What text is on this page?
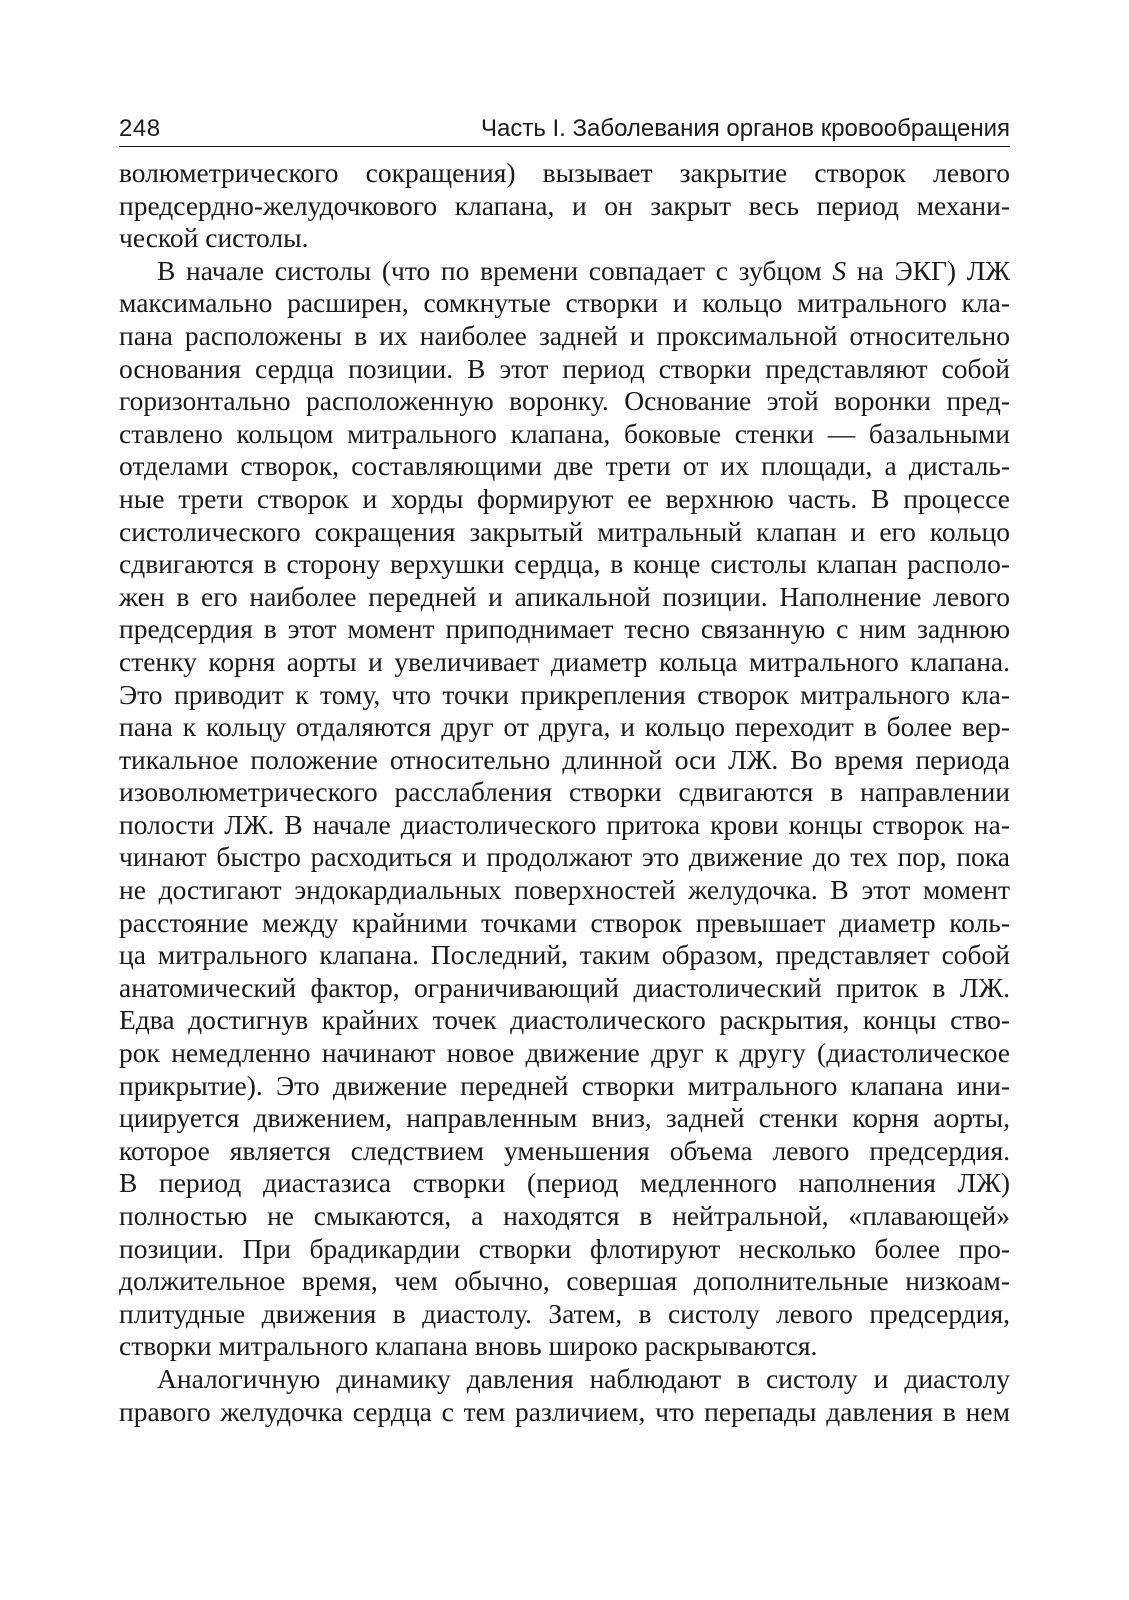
248	Часть I. Заболевания органов кровообращения

волюметрического сокращения) вызывает закрытие створок левого
предсердно-желудочкового клапана, и он закрыт весь период механи-
ческой систолы.

В начале систолы (что по времени совпадает с зубцом S на ЭКГ) ЛЖ
максимально расширен, сомкнутые створки и кольцо митрального кла-
пана расположены в их наиболее задней и проксимальной относительно
основания сердца позиции. В этот период створки представляют собой
горизонтально расположенную воронку. Основание этой воронки пред-
ставлено кольцом митрального клапана, боковые стенки — базальными
отделами створок, составляющими две трети от их площади, а дисталь-
ные трети створок и хорды формируют ее верхнюю часть. В процессе
систолического сокращения закрытый митральный клапан и его кольцо
сдвигаются в сторону верхушки сердца, в конце систолы клапан располо-
жен в его наиболее передней и апикальной позиции. Наполнение левого
предсердия в этот момент приподнимает тесно связанную с ним заднюю
стенку корня аорты и увеличивает диаметр кольца митрального клапана.
Это приводит к тому, что точки прикрепления створок митрального кла-
пана к кольцу отдаляются друг от друга, и кольцо переходит в более вер-
тикальное положение относительно длинной оси ЛЖ. Во время периода
изоволюметрического расслабления створки сдвигаются в направлении
полости ЛЖ. В начале диастолического притока крови концы створок на-
чинают быстро расходиться и продолжают это движение до тех пор, пока
не достигают эндокардиальных поверхностей желудочка. В этот момент
расстояние между крайними точками створок превышает диаметр коль-
ца митрального клапана. Последний, таким образом, представляет собой
анатомический фактор, ограничивающий диастолический приток в ЛЖ.
Едва достигнув крайних точек диастолического раскрытия, концы ство-
рок немедленно начинают новое движение друг к другу (диастолическое
прикрытие). Это движение передней створки митрального клапана ини-
циируется движением, направленным вниз, задней стенки корня аорты,
которое является следствием уменьшения объема левого предсердия.
В период диастазиса створки (период медленного наполнения ЛЖ)
полностью не смыкаются, а находятся в нейтральной, «плавающей»
позиции. При брадикардии створки флотируют несколько более про-
должительное время, чем обычно, совершая дополнительные низкоам-
плитудные движения в диастолу. Затем, в систолу левого предсердия,
створки митрального клапана вновь широко раскрываются.

Аналогичную динамику давления наблюдают в систолу и диастолу
правого желудочка сердца с тем различием, что перепады давления в нем
